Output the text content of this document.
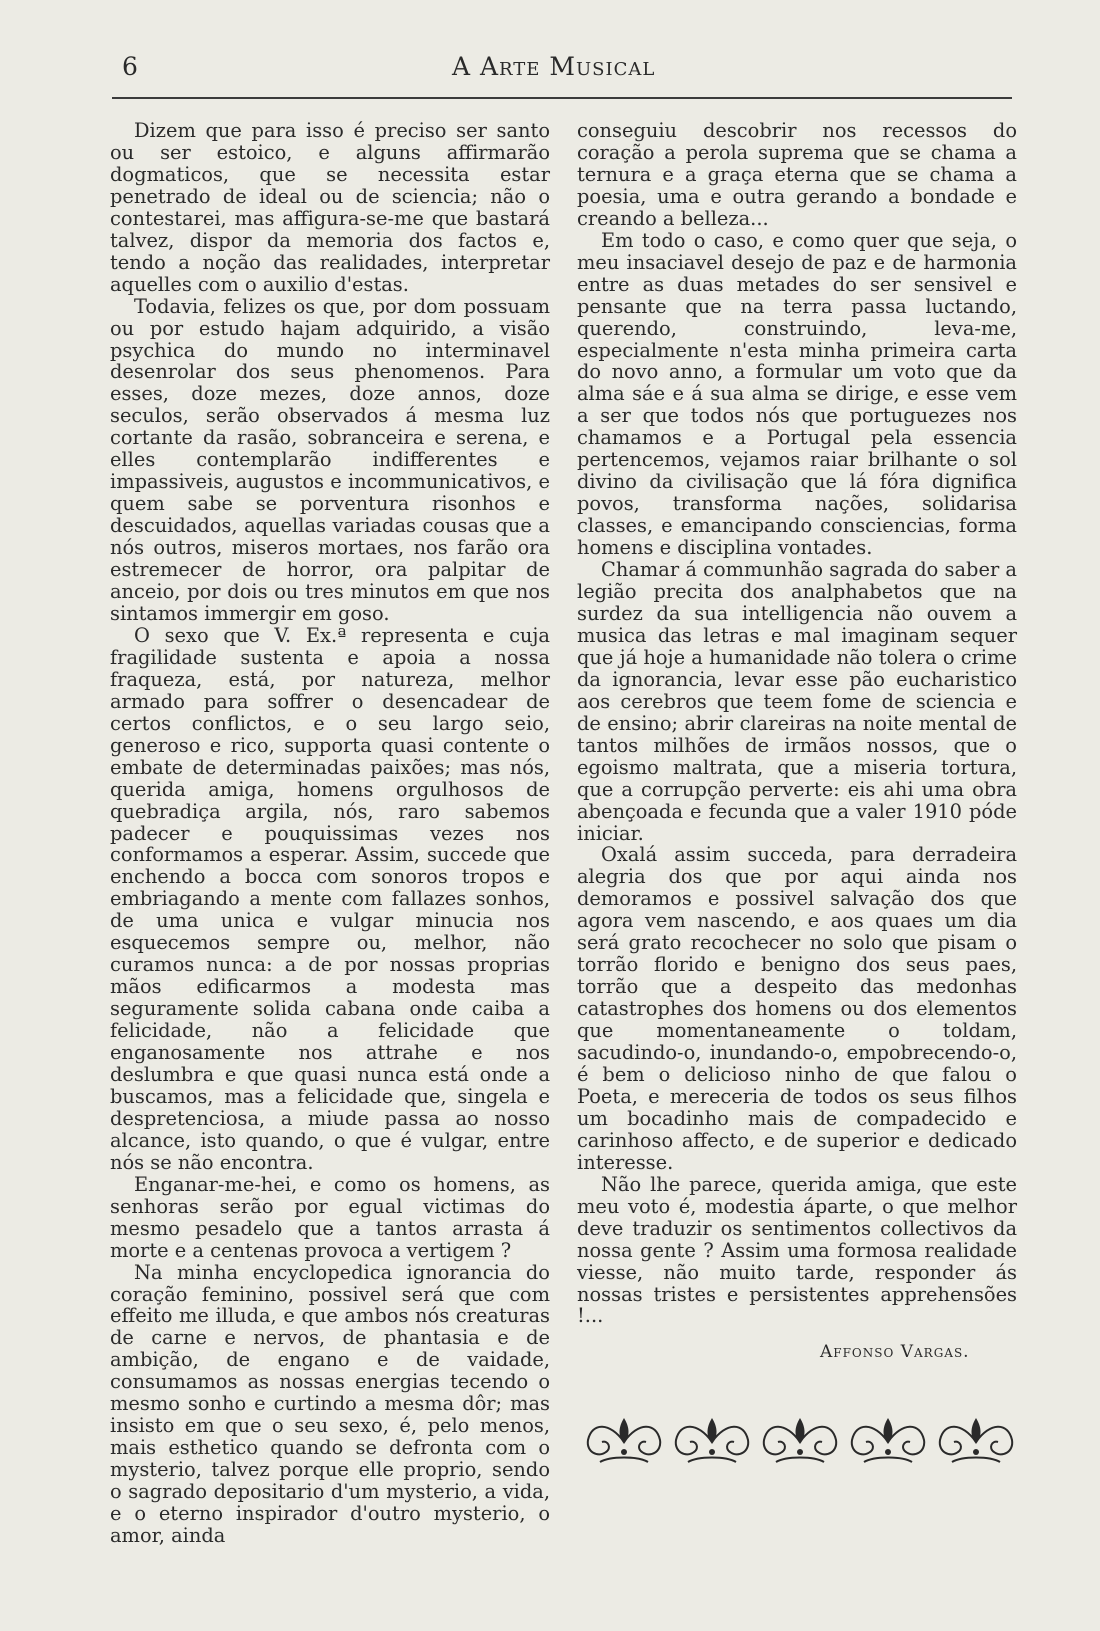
6	A Arte Musical

Dizem que para isso é preciso ser santo ou ser estoico, e alguns affirmarão dogmaticos, que se necessita estar penetrado de ideal ou de sciencia; não o contestarei, mas affigura-se-me que bastará talvez, dispor da memoria dos factos e, tendo a noção das realidades, interpretar aquelles com o auxilio d'estas.

Todavia, felizes os que, por dom possuam ou por estudo hajam adquirido, a visão psychica do mundo no interminavel desenrolar dos seus phenomenos. Para esses, doze mezes, doze annos, doze seculos, serão observados á mesma luz cortante da rasão, sobranceira e serena, e elles contemplarão indifferentes e impassiveis, augustos e incommunicativos, e quem sabe se porventura risonhos e descuidados, aquellas variadas cousas que a nós outros, miseros mortaes, nos farão ora estremecer de horror, ora palpitar de anceio, por dois ou tres minutos em que nos sintamos immergir em goso.

O sexo que V. Ex.ª representa e cuja fragilidade sustenta e apoia a nossa fraqueza, está, por natureza, melhor armado para soffrer o desencadear de certos conflictos, e o seu largo seio, generoso e rico, supporta quasi contente o embate de determinadas paixões; mas nós, querida amiga, homens orgulhosos de quebradiça argila, nós, raro sabemos padecer e pouquissimas vezes nos conformamos a esperar. Assim, succede que enchendo a bocca com sonoros tropos e embriagando a mente com fallazes sonhos, de uma unica e vulgar minucia nos esquecemos sempre ou, melhor, não curamos nunca: a de por nossas proprias mãos edificarmos a modesta mas seguramente solida cabana onde caiba a felicidade, não a felicidade que enganosamente nos attrahe e nos deslumbra e que quasi nunca está onde a buscamos, mas a felicidade que, singela e despretenciosa, a miude passa ao nosso alcance, isto quando, o que é vulgar, entre nós se não encontra.

Enganar-me-hei, e como os homens, as senhoras serão por egual victimas do mesmo pesadelo que a tantos arrasta á morte e a centenas provoca a vertigem ?

Na minha encyclopedica ignorancia do coração feminino, possivel será que com effeito me illuda, e que ambos nós creaturas de carne e nervos, de phantasia e de ambição, de engano e de vaidade, consumamos as nossas energias tecendo o mesmo sonho e curtindo a mesma dôr; mas insisto em que o seu sexo, é, pelo menos, mais esthetico quando se defronta com o mysterio, talvez porque elle proprio, sendo o sagrado depositario d'um mysterio, a vida, e o eterno inspirador d'outro mysterio, o amor, ainda

conseguiu descobrir nos recessos do coração a perola suprema que se chama a ternura e a graça eterna que se chama a poesia, uma e outra gerando a bondade e creando a belleza...

Em todo o caso, e como quer que seja, o meu insaciavel desejo de paz e de harmonia entre as duas metades do ser sensivel e pensante que na terra passa luctando, querendo, construindo, leva-me, especialmente n'esta minha primeira carta do novo anno, a formular um voto que da alma sáe e á sua alma se dirige, e esse vem a ser que todos nós que portuguezes nos chamamos e a Portugal pela essencia pertencemos, vejamos raiar brilhante o sol divino da civilisação que lá fóra dignifica povos, transforma nações, solidarisa classes, e emancipando consciencias, forma homens e disciplina vontades.

Chamar á communhão sagrada do saber a legião precita dos analphabetos que na surdez da sua intelligencia não ouvem a musica das letras e mal imaginam sequer que já hoje a humanidade não tolera o crime da ignorancia, levar esse pão eucharistico aos cerebros que teem fome de sciencia e de ensino; abrir clareiras na noite mental de tantos milhões de irmãos nossos, que o egoismo maltrata, que a miseria tortura, que a corrupção perverte: eis ahi uma obra abençoada e fecunda que a valer 1910 póde iniciar.

Oxalá assim succeda, para derradeira alegria dos que por aqui ainda nos demoramos e possivel salvação dos que agora vem nascendo, e aos quaes um dia será grato recochecer no solo que pisam o torrão florido e benigno dos seus paes, torrão que a despeito das medonhas catastrophes dos homens ou dos elementos que momentaneamente o toldam, sacudindo-o, inundando-o, empobrecendo-o, é bem o delicioso ninho de que falou o Poeta, e mereceria de todos os seus filhos um bocadinho mais de compadecido e carinhoso affecto, e de superior e dedicado interesse.

Não lhe parece, querida amiga, que este meu voto é, modestia áparte, o que melhor deve traduzir os sentimentos collectivos da nossa gente ? Assim uma formosa realidade viesse, não muito tarde, responder ás nossas tristes e persistentes apprehensões !...

Affonso Vargas.
